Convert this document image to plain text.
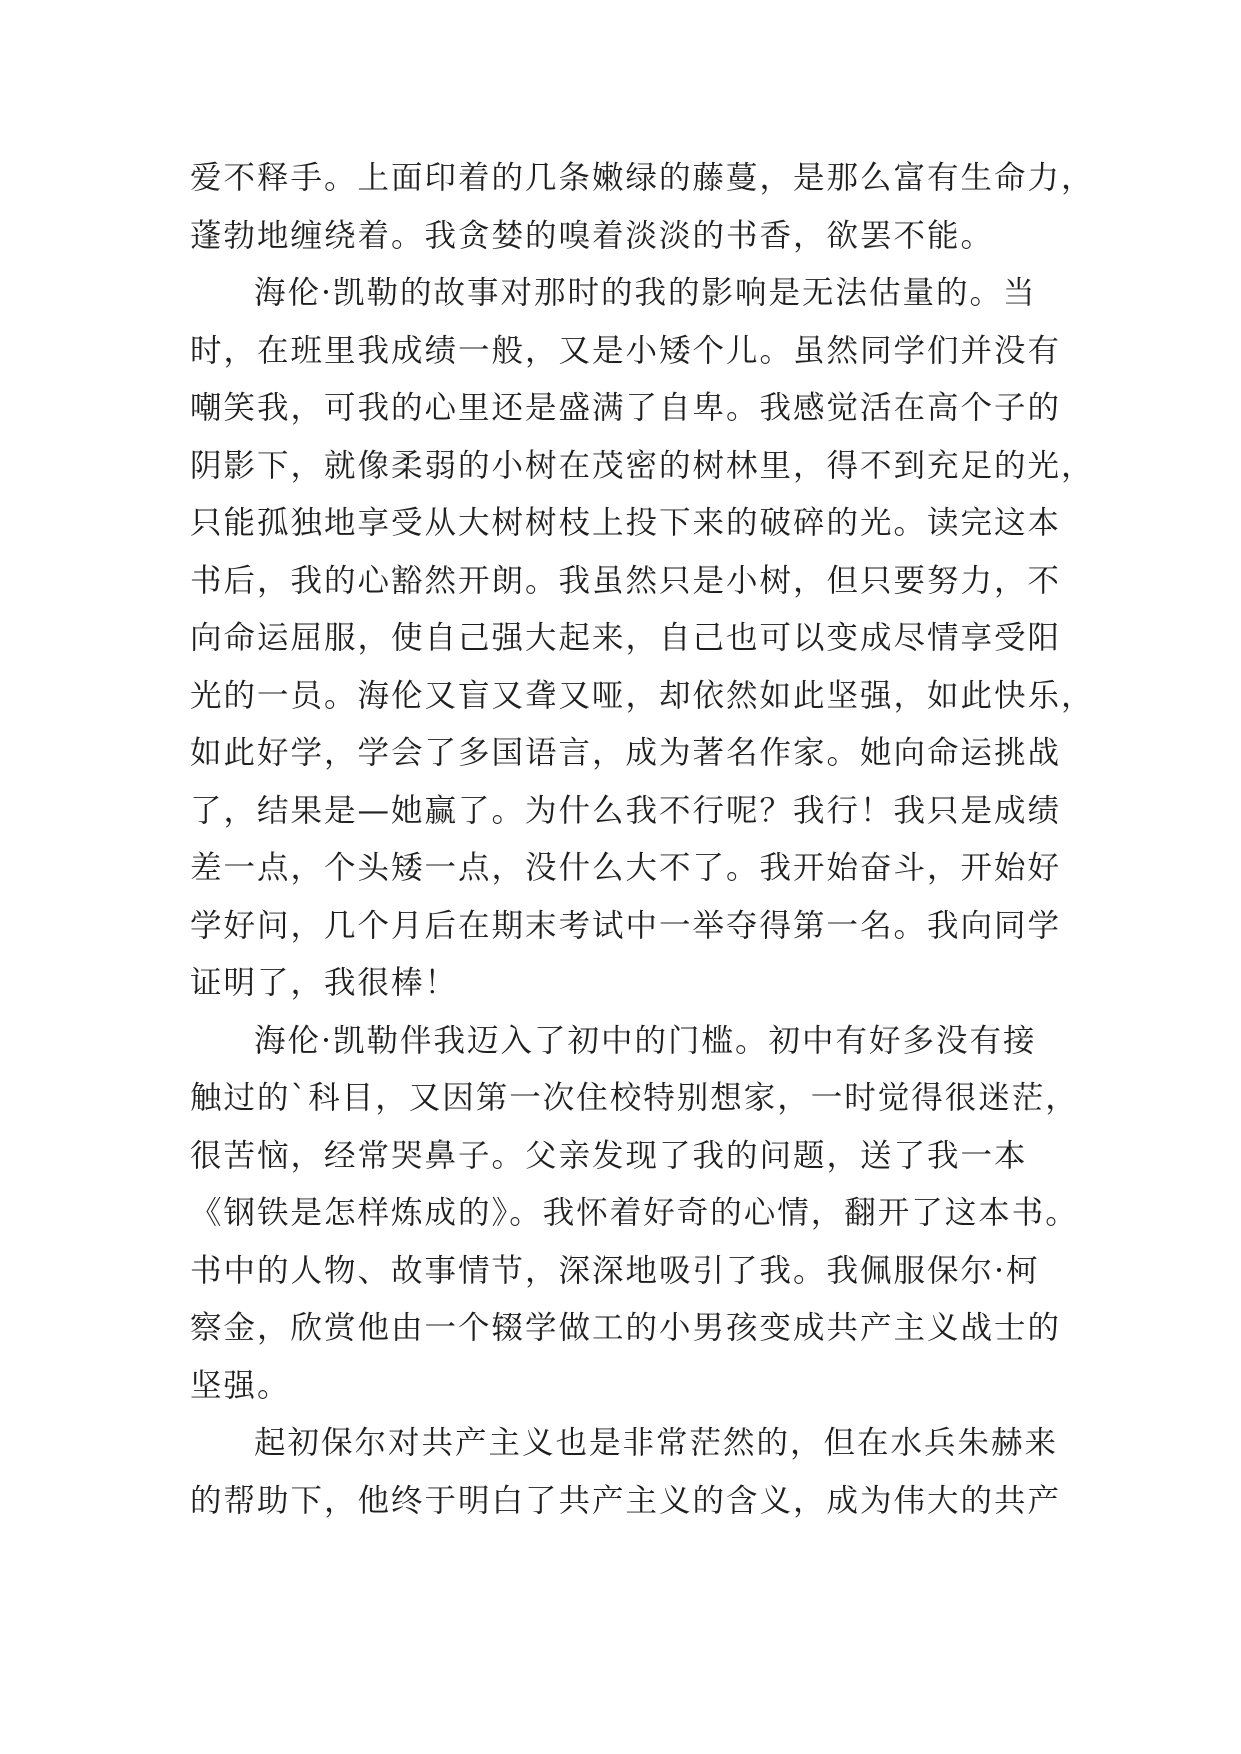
爱不释手。上面印着的几条嫩绿的藤蔓，是那么富有生命力，
蓬勃地缠绕着。我贪婪的嗅着淡淡的书香，欲罢不能。
海伦·凯勒的故事对那时的我的影响是无法估量的。当
时，在班里我成绩一般，又是小矮个儿。虽然同学们并没有
嘲笑我，可我的心里还是盛满了自卑。我感觉活在高个子的
阴影下，就像柔弱的小树在茂密的树林里，得不到充足的光，
只能孤独地享受从大树树枝上投下来的破碎的光。读完这本
书后，我的心豁然开朗。我虽然只是小树，但只要努力，不
向命运屈服，使自己强大起来，自己也可以变成尽情享受阳
光的一员。海伦又盲又聋又哑，却依然如此坚强，如此快乐，
如此好学，学会了多国语言，成为著名作家。她向命运挑战
了，结果是—她赢了。为什么我不行呢？我行！我只是成绩
差一点，个头矮一点，没什么大不了。我开始奋斗，开始好
学好问，几个月后在期末考试中一举夺得第一名。我向同学
证明了，我很棒！
海伦·凯勒伴我迈入了初中的门槛。初中有好多没有接
触过的`科目，又因第一次住校特别想家，一时觉得很迷茫，
很苦恼，经常哭鼻子。父亲发现了我的问题，送了我一本
《钢铁是怎样炼成的》。我怀着好奇的心情，翻开了这本书。
书中的人物、故事情节，深深地吸引了我。我佩服保尔·柯
察金，欣赏他由一个辍学做工的小男孩变成共产主义战士的
坚强。
起初保尔对共产主义也是非常茫然的，但在水兵朱赫来
的帮助下，他终于明白了共产主义的含义，成为伟大的共产
